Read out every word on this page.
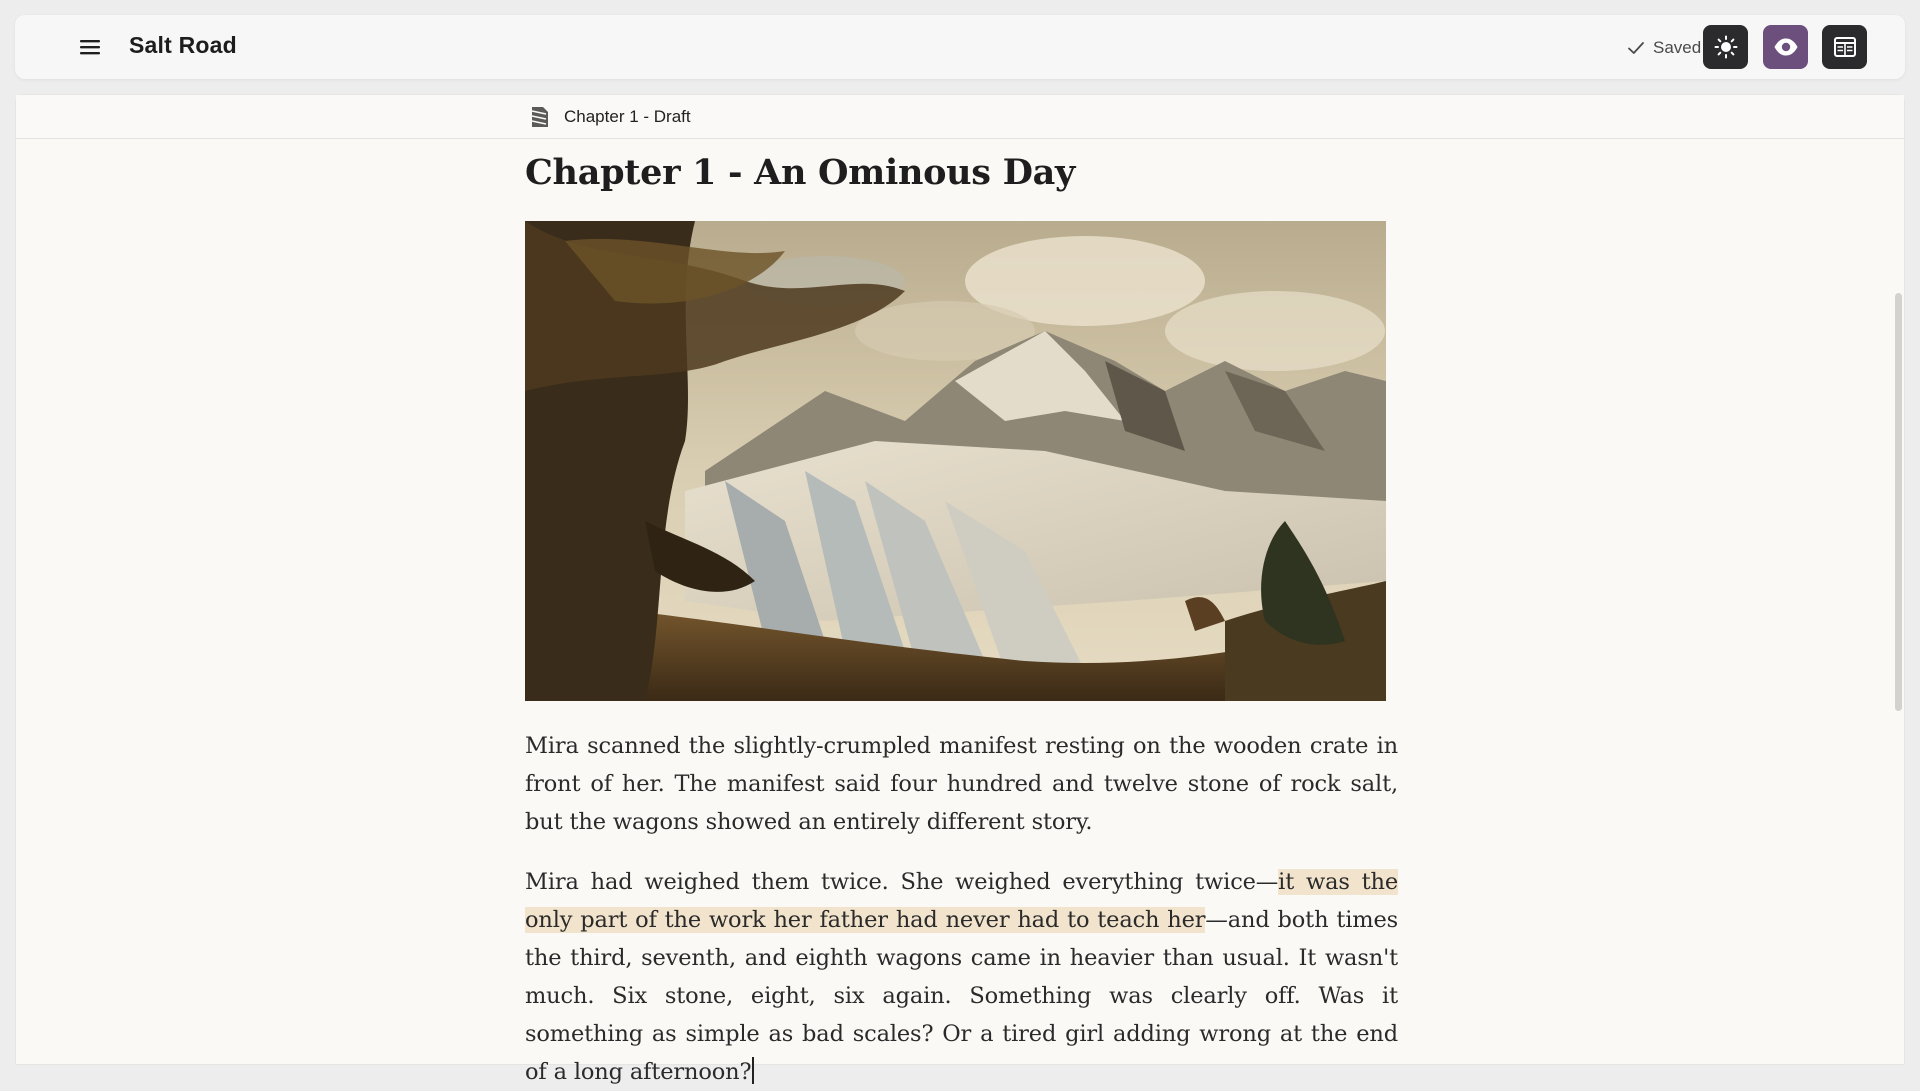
Salt Road	Saved
Chapter 1 - Draft
Chapter 1 - An Ominous Day

Mira scanned the slightly-crumpled manifest resting on the wooden crate in front of her. The manifest said four hundred and twelve stone of rock salt, but the wagons showed an entirely different story.

Mira had weighed them twice. She weighed everything twice—it was the only part of the work her father had never had to teach her—and both times the third, seventh, and eighth wagons came in heavier than usual. It wasn't much. Six stone, eight, six again. Something was clearly off. Was it something as simple as bad scales? Or a tired girl adding wrong at the end of a long afternoon?
